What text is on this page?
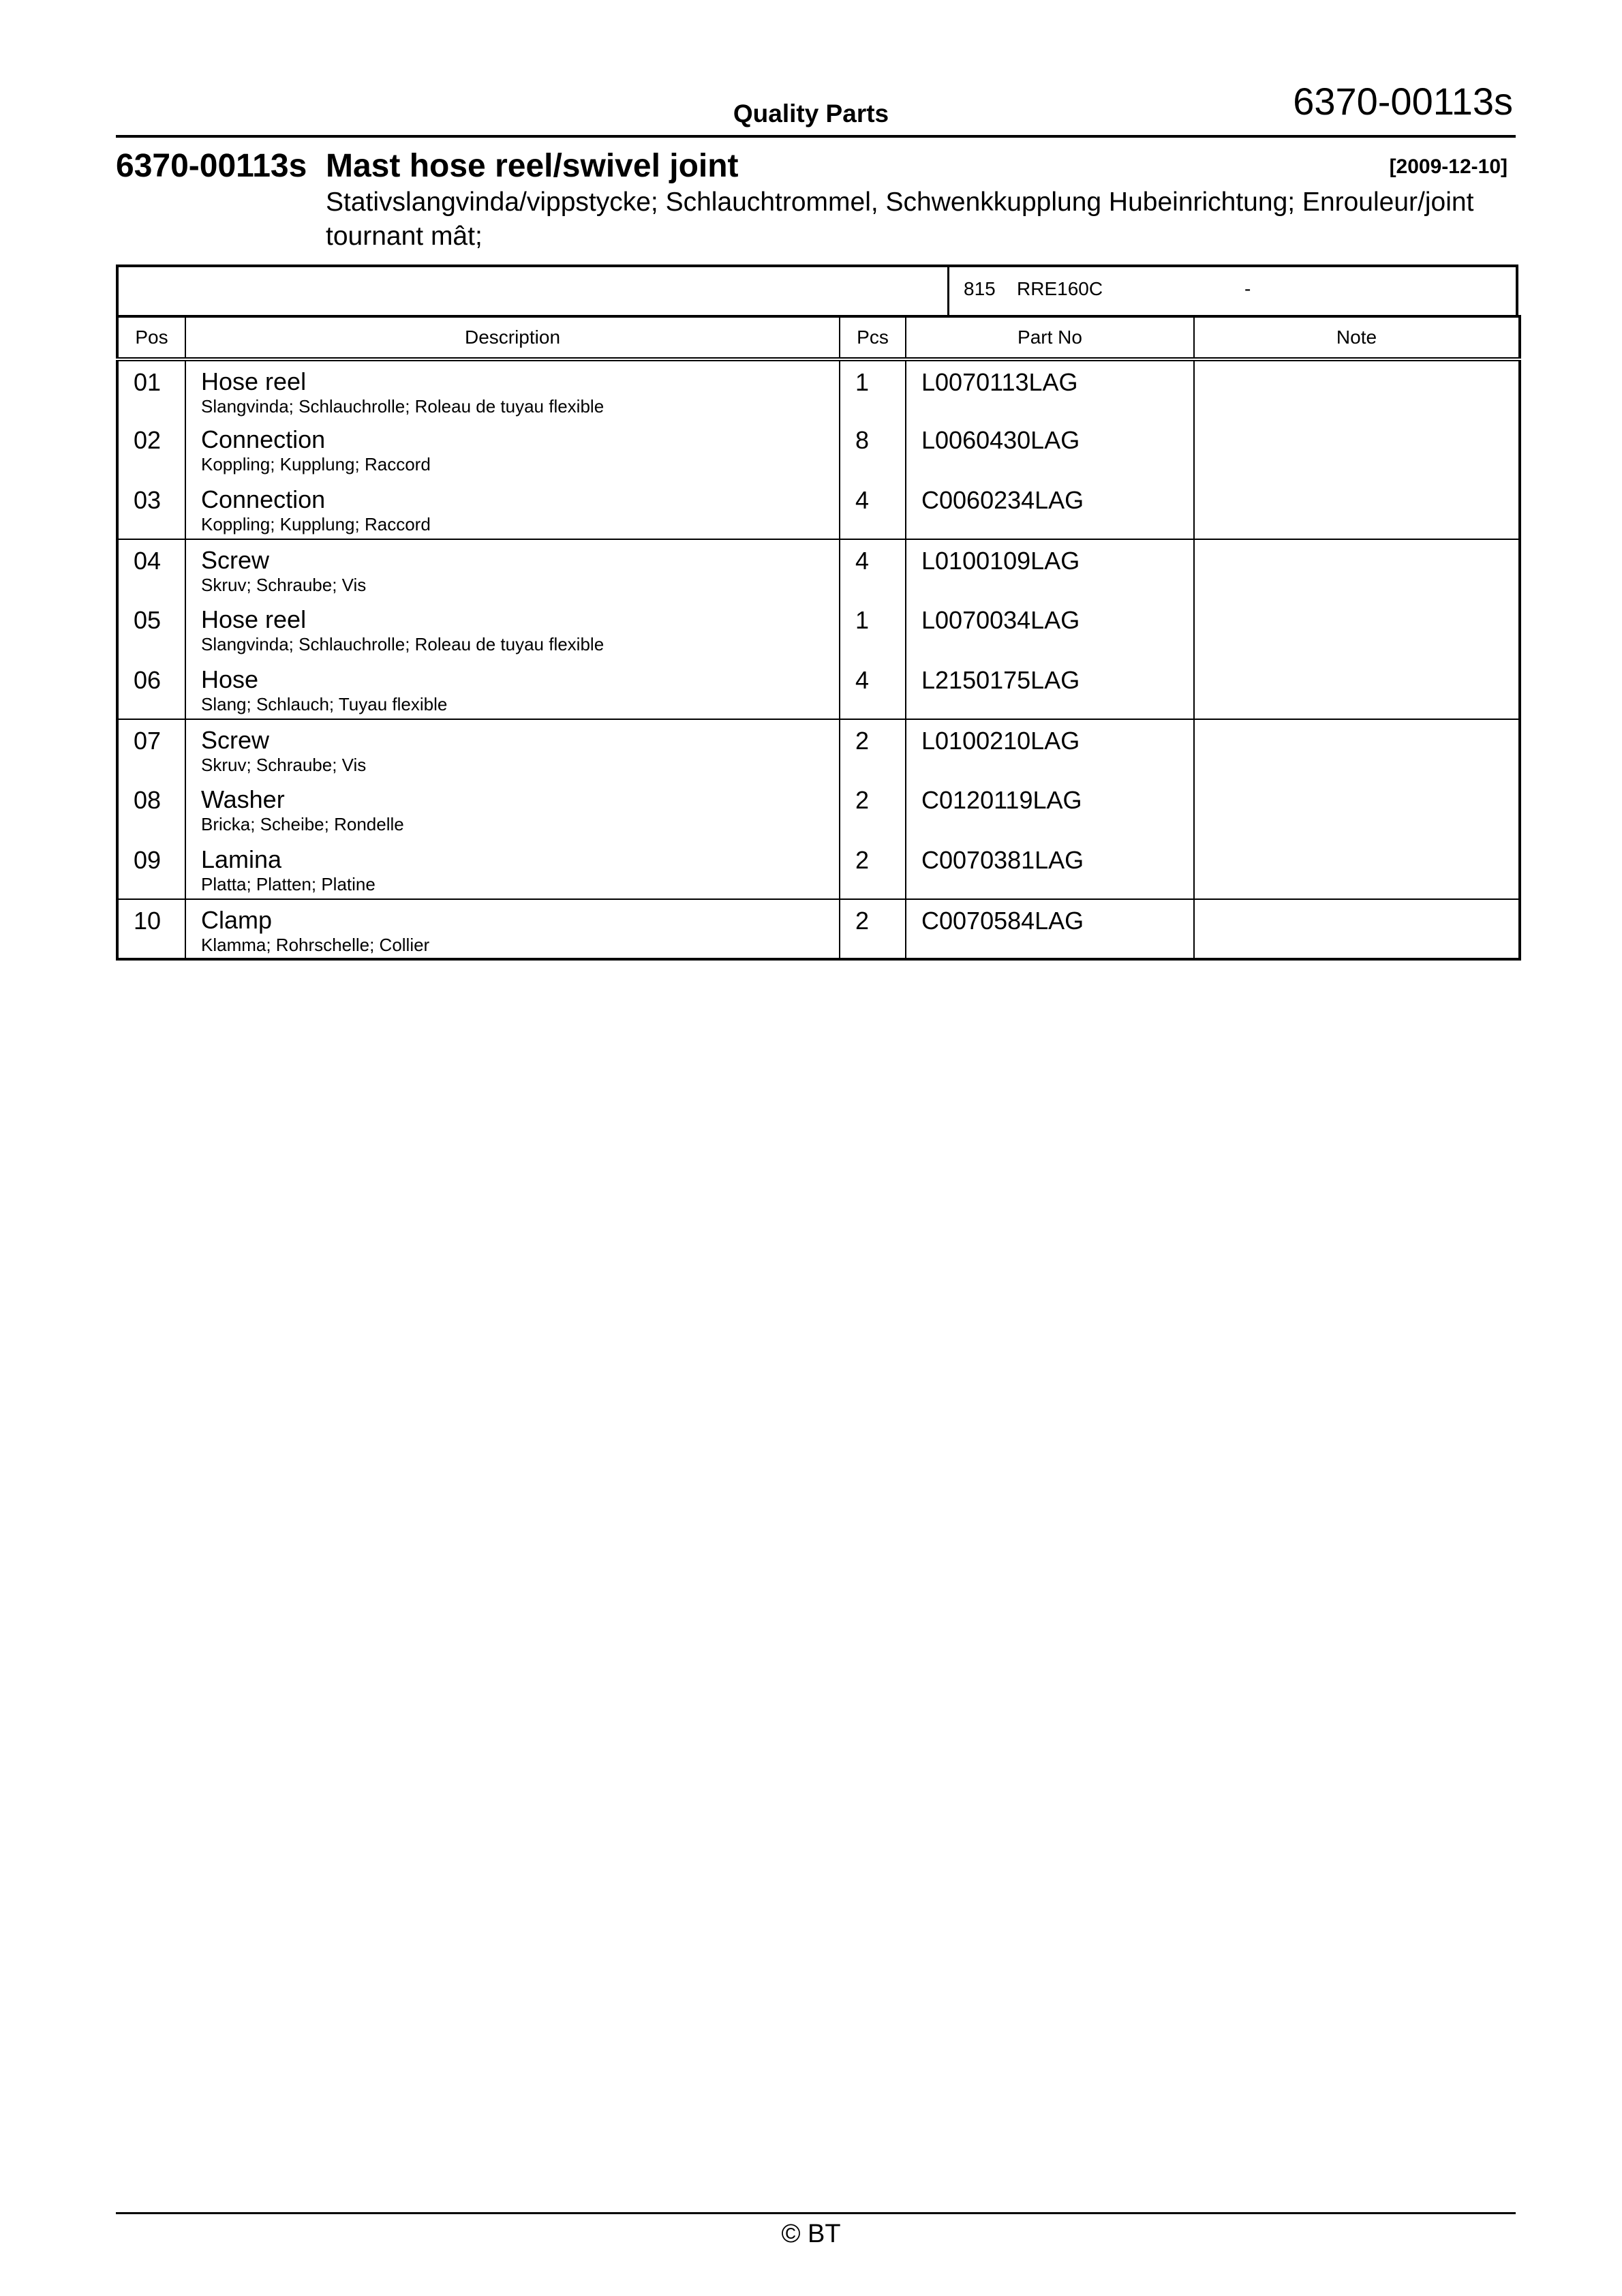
Quality Parts	6370-00113s
6370-00113s Mast hose reel/swivel joint	[2009-12-10]
Stativslangvinda/vippstycke; Schlauchtrommel, Schwenkkupplung Hubeinrichtung; Enrouleur/joint tournant mât;
815 RRE160C	-
Pos	Description	Pcs	Part No	Note
01	Hose reel
Slangvinda; Schlauchrolle; Roleau de tuyau flexible	1	L0070113LAG	
02	Connection
Koppling; Kupplung; Raccord	8	L0060430LAG	
03	Connection
Koppling; Kupplung; Raccord	4	C0060234LAG	
04	Screw
Skruv; Schraube; Vis	4	L0100109LAG	
05	Hose reel
Slangvinda; Schlauchrolle; Roleau de tuyau flexible	1	L0070034LAG	
06	Hose
Slang; Schlauch; Tuyau flexible	4	L2150175LAG	
07	Screw
Skruv; Schraube; Vis	2	L0100210LAG	
08	Washer
Bricka; Scheibe; Rondelle	2	C0120119LAG	
09	Lamina
Platta; Platten; Platine	2	C0070381LAG	
10	Clamp
Klamma; Rohrschelle; Collier	2	C0070584LAG	
© BT
